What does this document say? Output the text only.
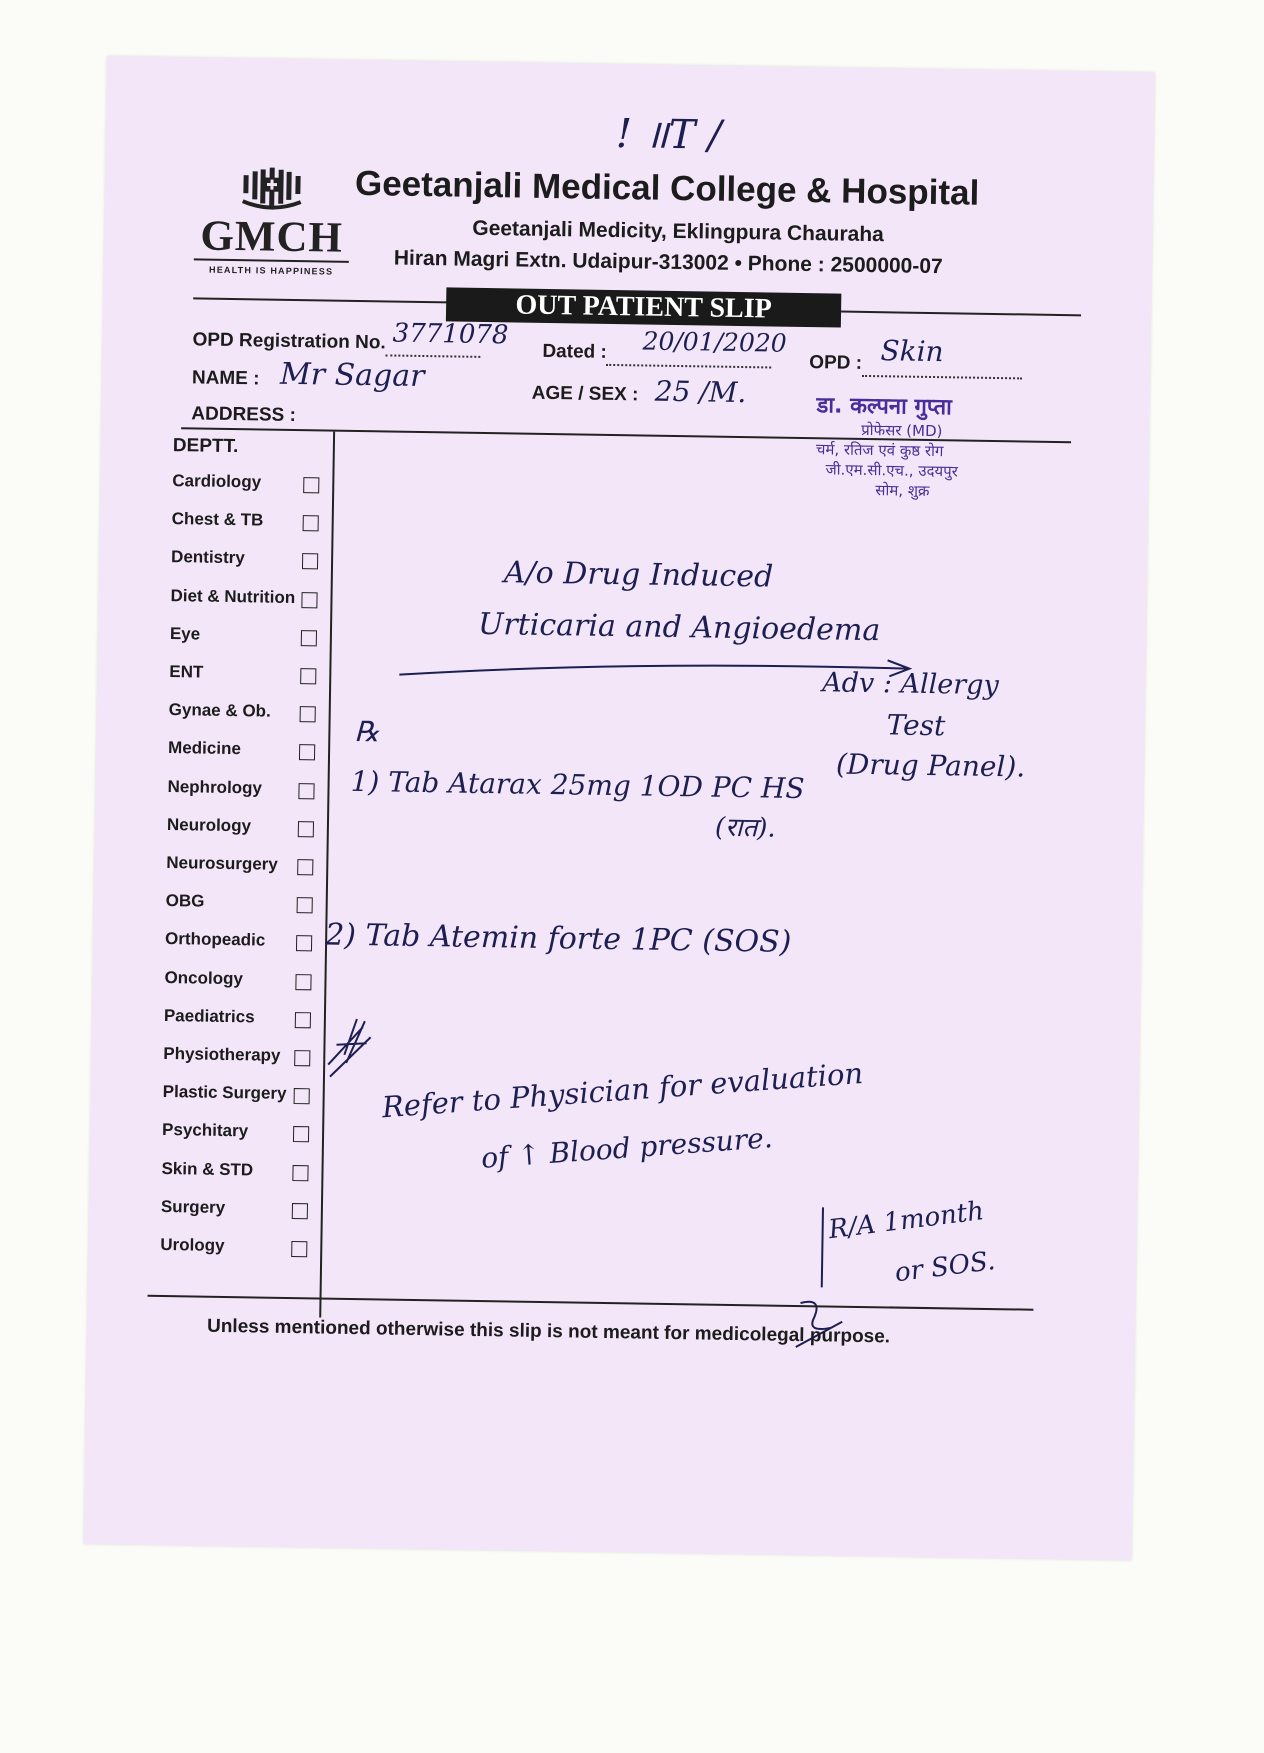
! ॥T /
GMCH
HEALTH IS HAPPINESS
Geetanjali Medical College & Hospital
Geetanjali Medicity, Eklingpura Chauraha
Hiran Magri Extn. Udaipur-313002 • Phone : 2500000-07
OUT PATIENT SLIP
OPD Registration No. 3771078
Dated :	20/01/2020
OPD : Skin
NAME : Mr Sagar
AGE / SEX : 25 /M.
ADDRESS :	डा. कल्पना गुप्ता
प्रोफेसर (MD)
चर्म, रतिज एवं कुष्ठ रोग
जी.एम.सी.एच., उदयपुर
सोम, शुक्र
DEPTT.
Cardiology
Chest & TB
Dentistry
Diet & Nutrition
Eye
ENT
Gynae & Ob.
Medicine
Nephrology
Neurology
Neurosurgery
OBG
Orthopeadic
Oncology
Paediatrics
Physiotherapy
Plastic Surgery
Psychitary
Skin & STD
Surgery
Urology
A/o Drug Induced
Urticaria and Angioedema
Adv : Allergy
Test
(Drug Panel).
℞
1) Tab Atarax 25mg 1OD PC HS
(रात).
2) Tab Atemin forte 1PC (SOS)
Refer to Physician for evaluation
of ↑ Blood pressure.
R/A 1month
or SOS.
Unless mentioned otherwise this slip is not meant for medicolegal purpose.
